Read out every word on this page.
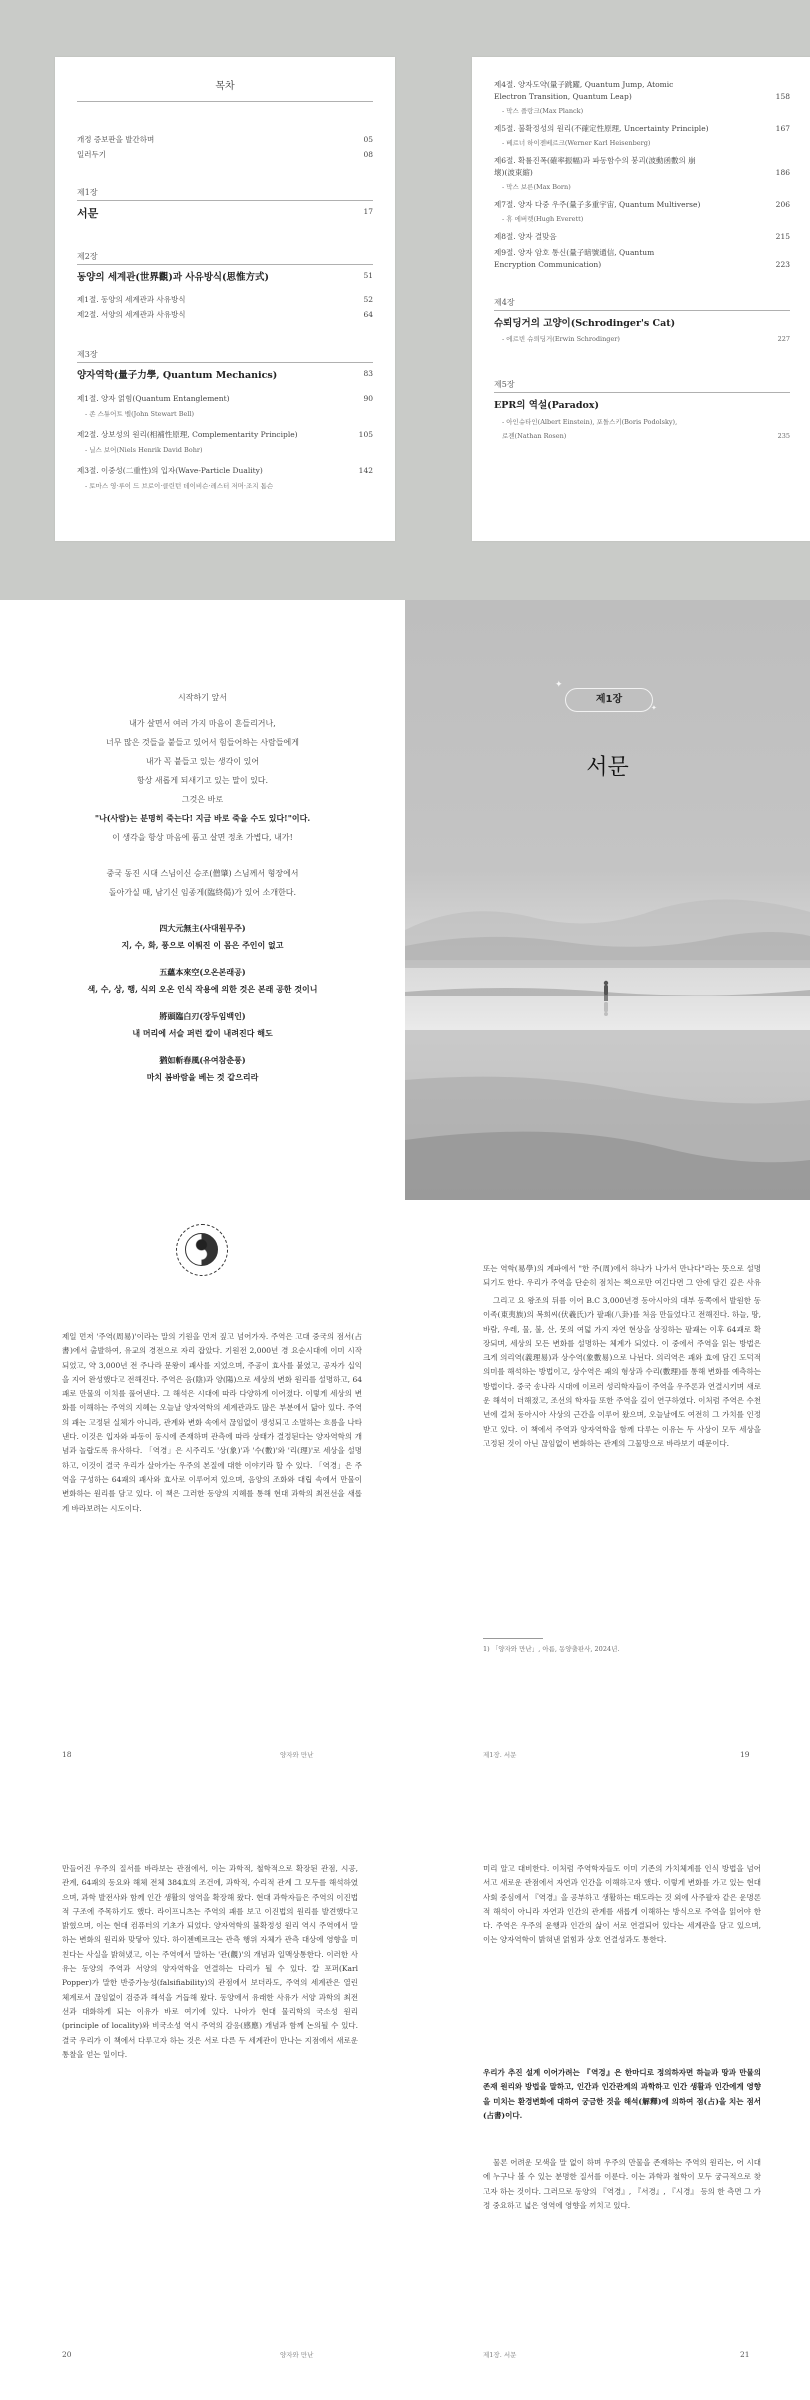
목차
개정 증보판을 발간하며	05
일러두기	08
제1장
서문	17
제2장
동양의 세계관(世界觀)과 사유방식(思惟方式)	51
제1절. 동양의 세계관과 사유방식	52
제2절. 서양의 세계관과 사유방식	64
제3장
양자역학(量子力學, Quantum Mechanics)	83
제1절. 양자 얽힘(Quantum Entanglement)	90
- 존 스튜어트 벨(John Stewart Bell)
제2절. 상보성의 원리(相補性原理, Complementarity Principle)	105
- 닐스 보어(Niels Henrik David Bohr)
제3절. 이중성(二重性)의 입자(Wave-Particle Duality)	142
- 토마스 영·루이 드 브로이·클린턴 데이비슨·레스터 저머·조지 톰슨
제4절. 양자도약(量子跳躍, Quantum Jump, Atomic
Electron Transition, Quantum Leap)	158
- 막스 플랑크(Max Planck)
제5절. 불확정성의 원리(不確定性原理, Uncertainty Principle)	167
- 베르너 하이젠베르크(Werner Karl Heisenberg)
제6절. 확률진폭(確率振幅)과 파동함수의 붕괴(波動函數의 崩
壞)(波束縮)	186
- 막스 보른(Max Born)
제7절. 양자 다중 우주(量子多重宇宙, Quantum Multiverse)	206
- 휴 에버렛(Hugh Everett)
제8절. 양자 결맞음	215
제9절. 양자 암호 통신(量子暗號通信, Quantum
Encryption Communication)	223
제4장
슈뢰딩거의 고양이(Schrodinger's Cat)
- 에르빈 슈뢰딩거(Erwin Schrodinger)	227
제5장
EPR의 역설(Paradox)
- 아인슈타인(Albert Einstein), 포돌스키(Boris Podolsky),
로젠(Nathan Rosen)	235
시작하기 앞서
내가 살면서 여러 가지 마음이 흔들리거나,
너무 많은 것들을 붙들고 있어서 힘들어하는 사람들에게
내가 꼭 붙들고 있는 생각이 있어
항상 새롭게 되새기고 있는 말이 있다.
그것은 바로
"나(사람)는 분명히 죽는다! 지금 바로 죽을 수도 있다!"이다.
이 생각을 항상 마음에 품고 살면 정초 가볍다, 내가!
중국 동진 시대 스님이신 승조(僧肇) 스님께서 형장에서
돌아가실 때, 남기신 임종게(臨終偈)가 있어 소개한다.
四大元無主(사대원무주)
지, 수, 화, 풍으로 이뤄진 이 몸은 주인이 없고
五蘊本來空(오온본래공)
색, 수, 상, 행, 식의 오온 인식 작용에 의한 것은 본래 공한 것이니
將頭臨白刃(장두임백인)
내 머리에 서슬 퍼런 칼이 내려진다 해도
猶如斬春風(유여참춘풍)
마치 봄바람을 베는 것 같으리라
✦
✦
제1장
서문
제일 먼저 '주역(周易)'이라는 말의 기원을 먼저 짚고 넘어가자. 주역은 고대 중국의 점서(占書)에서 출발하여, 유교의 경전으로 자리 잡았다. 기원전 2,000년 경 요순시대에 이미 시작되었고, 약 3,000년 전 주나라 문왕이 괘사를 지었으며, 주공이 효사를 붙였고, 공자가 십익을 지어 완성했다고 전해진다. 주역은 음(陰)과 양(陽)으로 세상의 변화 원리를 설명하고, 64괘로 만물의 이치를 풀어낸다. 그 해석은 시대에 따라 다양하게 이어졌다. 이렇게 세상의 변화를 이해하는 주역의 지혜는 오늘날 양자역학의 세계관과도 많은 부분에서 닮아 있다. 주역의 괘는 고정된 실체가 아니라, 관계와 변화 속에서 끊임없이 생성되고 소멸하는 흐름을 나타낸다. 이것은 입자와 파동이 동시에 존재하며 관측에 따라 상태가 결정된다는 양자역학의 개념과 놀랍도록 유사하다. 「역경」은 시주리도 '상(象)'과 '수(數)'와 '리(理)'로 세상을 설명하고, 이것이 결국 우리가 살아가는 우주의 본질에 대한 이야기라 할 수 있다. 「역경」은 주역을 구성하는 64괘의 괘사와 효사로 이루어져 있으며, 음양의 조화와 대립 속에서 만물이 변화하는 원리를 담고 있다. 이 책은 그러한 동양의 지혜를 통해 현대 과학의 최전선을 새롭게 바라보려는 시도이다.
18	양자와 만난
또는 역학(易學)의 계파에서 "한 주(周)에서 하나가 나가서 만나다"라는 뜻으로 설명되기도 한다. 우리가 주역을 단순히 점치는 책으로만 여긴다면 그 안에 담긴 깊은 사유
그리고 요 왕조의 뒤를 이어 B.C 3,000년경 동아시아의 대부 동쪽에서 발원한 동이족(東夷族)의 복희씨(伏羲氏)가 팔괘(八卦)를 처음 만들었다고 전해진다. 하늘, 땅, 바람, 우레, 물, 불, 산, 못의 여덟 가지 자연 현상을 상징하는 팔괘는 이후 64괘로 확장되며, 세상의 모든 변화를 설명하는 체계가 되었다. 이 중에서 주역을 읽는 방법은 크게 의리역(義理易)과 상수역(象數易)으로 나뉜다. 의리역은 괘와 효에 담긴 도덕적 의미를 해석하는 방법이고, 상수역은 괘의 형상과 수리(數理)를 통해 변화를 예측하는 방법이다. 중국 송나라 시대에 이르러 성리학자들이 주역을 우주론과 연결시키며 새로운 해석이 더해졌고, 조선의 학자들 또한 주역을 깊이 연구하였다. 이처럼 주역은 수천 년에 걸쳐 동아시아 사상의 근간을 이루어 왔으며, 오늘날에도 여전히 그 가치를 인정받고 있다. 이 책에서 주역과 양자역학을 함께 다루는 이유는 두 사상이 모두 세상을 고정된 것이 아닌 끊임없이 변화하는 관계의 그물망으로 바라보기 때문이다.
1) 「양자와 만난」, 아름, 동양출판사, 2024년.
제1장. 서문	19
만들어진 우주의 질서를 바라보는 관점에서, 이는 과학적, 철학적으로 확장된 관점, 시공, 관계, 64괘의 동요와 해체 전체 384효의 조건에, 과학적, 수리적 관계 그 모두를 해석하였으며, 과학 발전사와 함께 인간 생활의 영역을 확장해 왔다. 현대 과학자들은 주역의 이진법적 구조에 주목하기도 했다. 라이프니츠는 주역의 괘를 보고 이진법의 원리를 발견했다고 밝혔으며, 이는 현대 컴퓨터의 기초가 되었다. 양자역학의 불확정성 원리 역시 주역에서 말하는 변화의 원리와 맞닿아 있다. 하이젠베르크는 관측 행위 자체가 관측 대상에 영향을 미친다는 사실을 밝혀냈고, 이는 주역에서 말하는 '관(觀)'의 개념과 일맥상통한다. 이러한 사유는 동양의 주역과 서양의 양자역학을 연결하는 다리가 될 수 있다. 칼 포퍼(Karl Popper)가 말한 반증가능성(falsifiability)의 관점에서 보더라도, 주역의 세계관은 열린 체계로서 끊임없이 검증과 해석을 거듭해 왔다. 동양에서 유래한 사유가 서양 과학의 최전선과 대화하게 되는 이유가 바로 여기에 있다. 나아가 현대 물리학의 국소성 원리(principle of locality)와 비국소성 역시 주역의 감응(感應) 개념과 함께 논의될 수 있다. 결국 우리가 이 책에서 다루고자 하는 것은 서로 다른 두 세계관이 만나는 지점에서 새로운 통찰을 얻는 일이다.
20	양자와 만난
미리 알고 대비한다. 이처럼 주역학자들도 이미 기존의 가치체계를 인식 방법을 넘어서고 새로운 관점에서 자연과 인간을 이해하고자 했다. 이렇게 변화를 가고 있는 현대사회 중심에서 『역경』을 공부하고 생활하는 태도라는 것 외에 사주팔자 같은 운명론적 해석이 아니라 자연과 인간의 관계를 새롭게 이해하는 방식으로 주역을 읽어야 한다. 주역은 우주의 운행과 인간의 삶이 서로 연결되어 있다는 세계관을 담고 있으며, 이는 양자역학이 밝혀낸 얽힘과 상호 연결성과도 통한다.
우리가 추진 설계 이어가려는 『역경』은 한마디로 정의하자면 하늘과 땅과 만물의 존재 원리와 방법을 말하고, 인간과 인간관계의 과학하고 인간 생활과 인간에게 영향을 미치는 환경변화에 대하여 궁금한 것을 해석(解釋)에 의하여 점(占)을 치는 점서(占書)이다.
물론 어려운 모색을 말 없이 하며 우주의 만물을 존재하는 주역의 원리는, 어 시대에 누구나 볼 수 있는 분명한 질서를 이룬다. 이는 과학과 철학이 모두 궁극적으로 찾고자 하는 것이다. 그러므로 동양의 『역경』, 『서경』, 『시경』 등의 한 측면 그 가정 중요하고 넓은 영역에 영향을 끼치고 있다.
제1장. 서문	21
